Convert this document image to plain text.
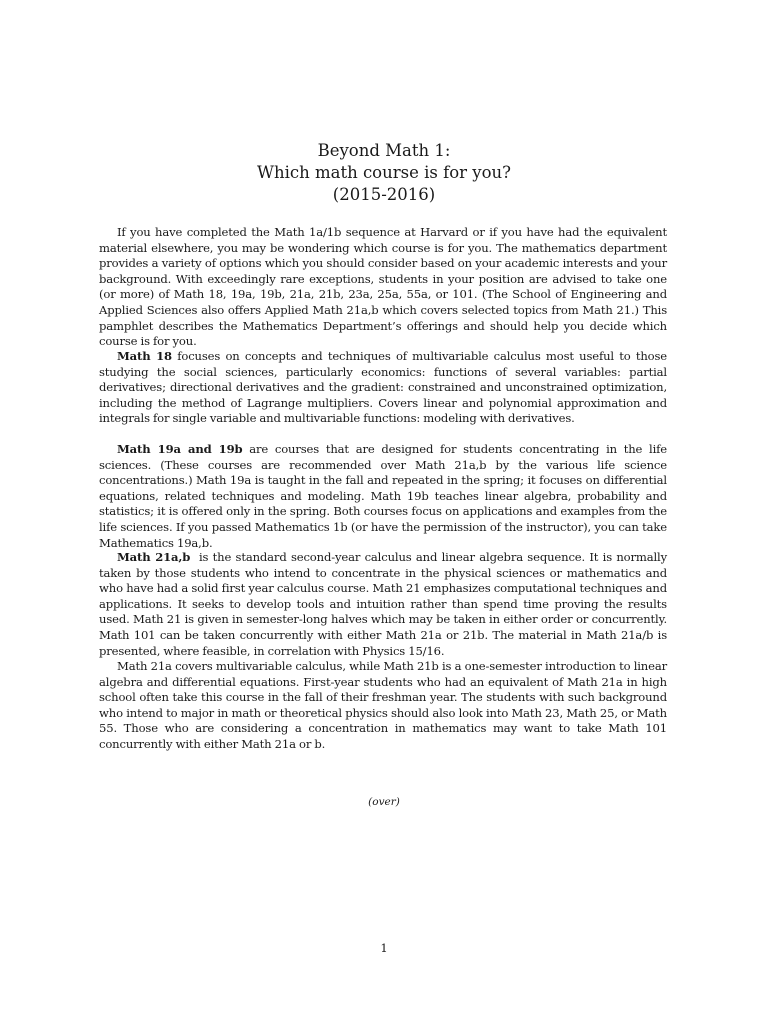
Beyond Math 1:
Which math course is for you?
(2015-2016)

If you have completed the Math 1a/1b sequence at Harvard or if you have had the equivalent material elsewhere, you may be wondering which course is for you. The mathematics department provides a variety of options which you should consider based on your academic interests and your background. With exceedingly rare exceptions, students in your position are advised to take one (or more) of Math 18, 19a, 19b, 21a, 21b, 23a, 25a, 55a, or 101. (The School of Engineering and Applied Sciences also offers Applied Math 21a,b which covers selected topics from Math 21.) This pamphlet describes the Mathematics Department’s offerings and should help you decide which course is for you.

Math 18 focuses on concepts and techniques of multivariable calculus most useful to those studying the social sciences, particularly economics: functions of several variables: partial derivatives; directional derivatives and the gradient: constrained and unconstrained optimization, including the method of Lagrange multipliers. Covers linear and polynomial approximation and integrals for single variable and multivariable functions: modeling with derivatives.

Math 19a and 19b are courses that are designed for students concentrating in the life sciences. (These courses are recommended over Math 21a,b by the various life science concentrations.) Math 19a is taught in the fall and repeated in the spring; it focuses on differential equations, related techniques and modeling. Math 19b teaches linear algebra, probability and statistics; it is offered only in the spring. Both courses focus on applications and examples from the life sciences. If you passed Mathematics 1b (or have the permission of the instructor), you can take Mathematics 19a,b.

Math 21a,b  is the standard second-year calculus and linear algebra sequence. It is normally taken by those students who intend to concentrate in the physical sciences or mathematics and who have had a solid first year calculus course. Math 21 emphasizes computational techniques and applications. It seeks to develop tools and intuition rather than spend time proving the results used. Math 21 is given in semester-long halves which may be taken in either order or concurrently. Math 101 can be taken concurrently with either Math 21a or 21b. The material in Math 21a/b is presented, where feasible, in correlation with Physics 15/16.

Math 21a covers multivariable calculus, while Math 21b is a one-semester introduction to linear algebra and differential equations. First-year students who had an equivalent of Math 21a in high school often take this course in the fall of their freshman year. The students with such background who intend to major in math or theoretical physics should also look into Math 23, Math 25, or Math 55. Those who are considering a concentration in mathematics may want to take Math 101 concurrently with either Math 21a or b.

(over)
1
